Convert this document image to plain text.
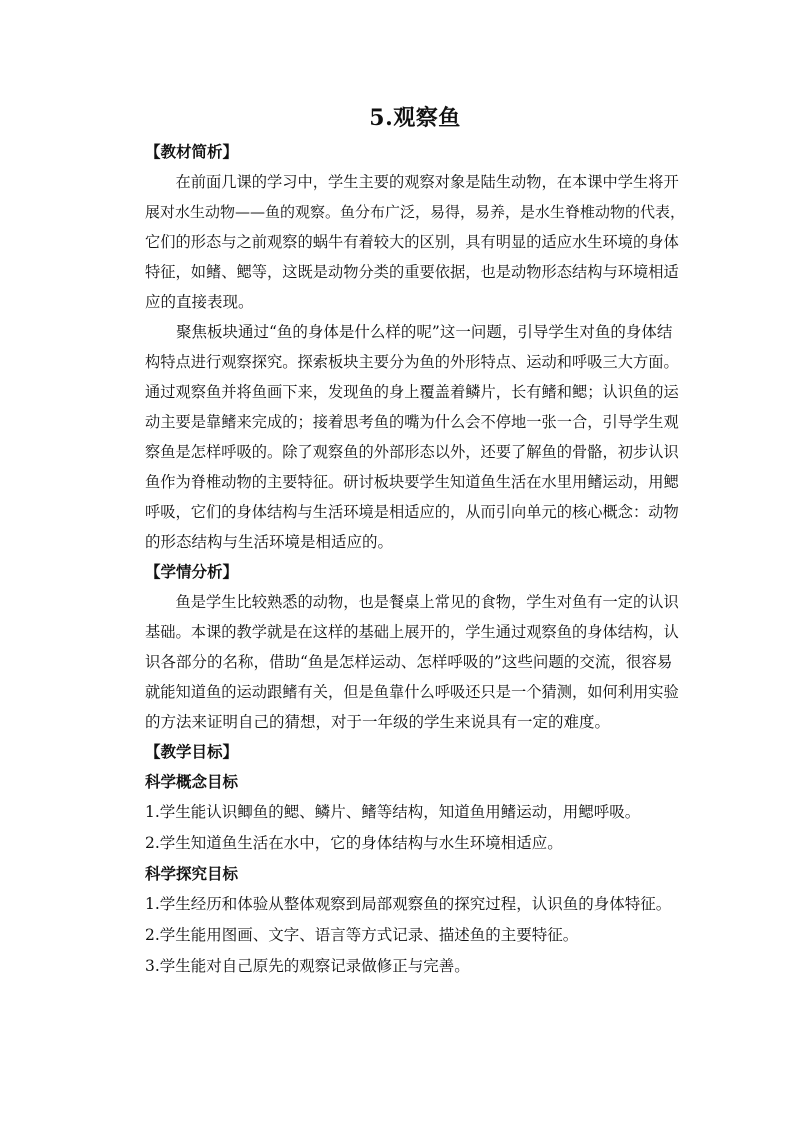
5.观察鱼
【教材简析】
在前面几课的学习中，学生主要的观察对象是陆生动物，在本课中学生将开
展对水生动物——鱼的观察。鱼分布广泛，易得，易养，是水生脊椎动物的代表，
它们的形态与之前观察的蜗牛有着较大的区别，具有明显的适应水生环境的身体
特征，如鳍、鳃等，这既是动物分类的重要依据，也是动物形态结构与环境相适
应的直接表现。
聚焦板块通过“鱼的身体是什么样的呢”这一问题，引导学生对鱼的身体结
构特点进行观察探究。探索板块主要分为鱼的外形特点、运动和呼吸三大方面。
通过观察鱼并将鱼画下来，发现鱼的身上覆盖着鳞片，长有鳍和鳃；认识鱼的运
动主要是靠鳍来完成的；接着思考鱼的嘴为什么会不停地一张一合，引导学生观
察鱼是怎样呼吸的。除了观察鱼的外部形态以外，还要了解鱼的骨骼，初步认识
鱼作为脊椎动物的主要特征。研讨板块要学生知道鱼生活在水里用鳍运动，用鳃
呼吸，它们的身体结构与生活环境是相适应的，从而引向单元的核心概念：动物
的形态结构与生活环境是相适应的。
【学情分析】
鱼是学生比较熟悉的动物，也是餐桌上常见的食物，学生对鱼有一定的认识
基础。本课的教学就是在这样的基础上展开的，学生通过观察鱼的身体结构，认
识各部分的名称，借助“鱼是怎样运动、怎样呼吸的”这些问题的交流，很容易
就能知道鱼的运动跟鳍有关，但是鱼靠什么呼吸还只是一个猜测，如何利用实验
的方法来证明自己的猜想，对于一年级的学生来说具有一定的难度。
【教学目标】
科学概念目标
1.学生能认识鲫鱼的鳃、鳞片、鳍等结构，知道鱼用鳍运动，用鳃呼吸。
2.学生知道鱼生活在水中，它的身体结构与水生环境相适应。
科学探究目标
1.学生经历和体验从整体观察到局部观察鱼的探究过程，认识鱼的身体特征。
2.学生能用图画、文字、语言等方式记录、描述鱼的主要特征。
3.学生能对自己原先的观察记录做修正与完善。
